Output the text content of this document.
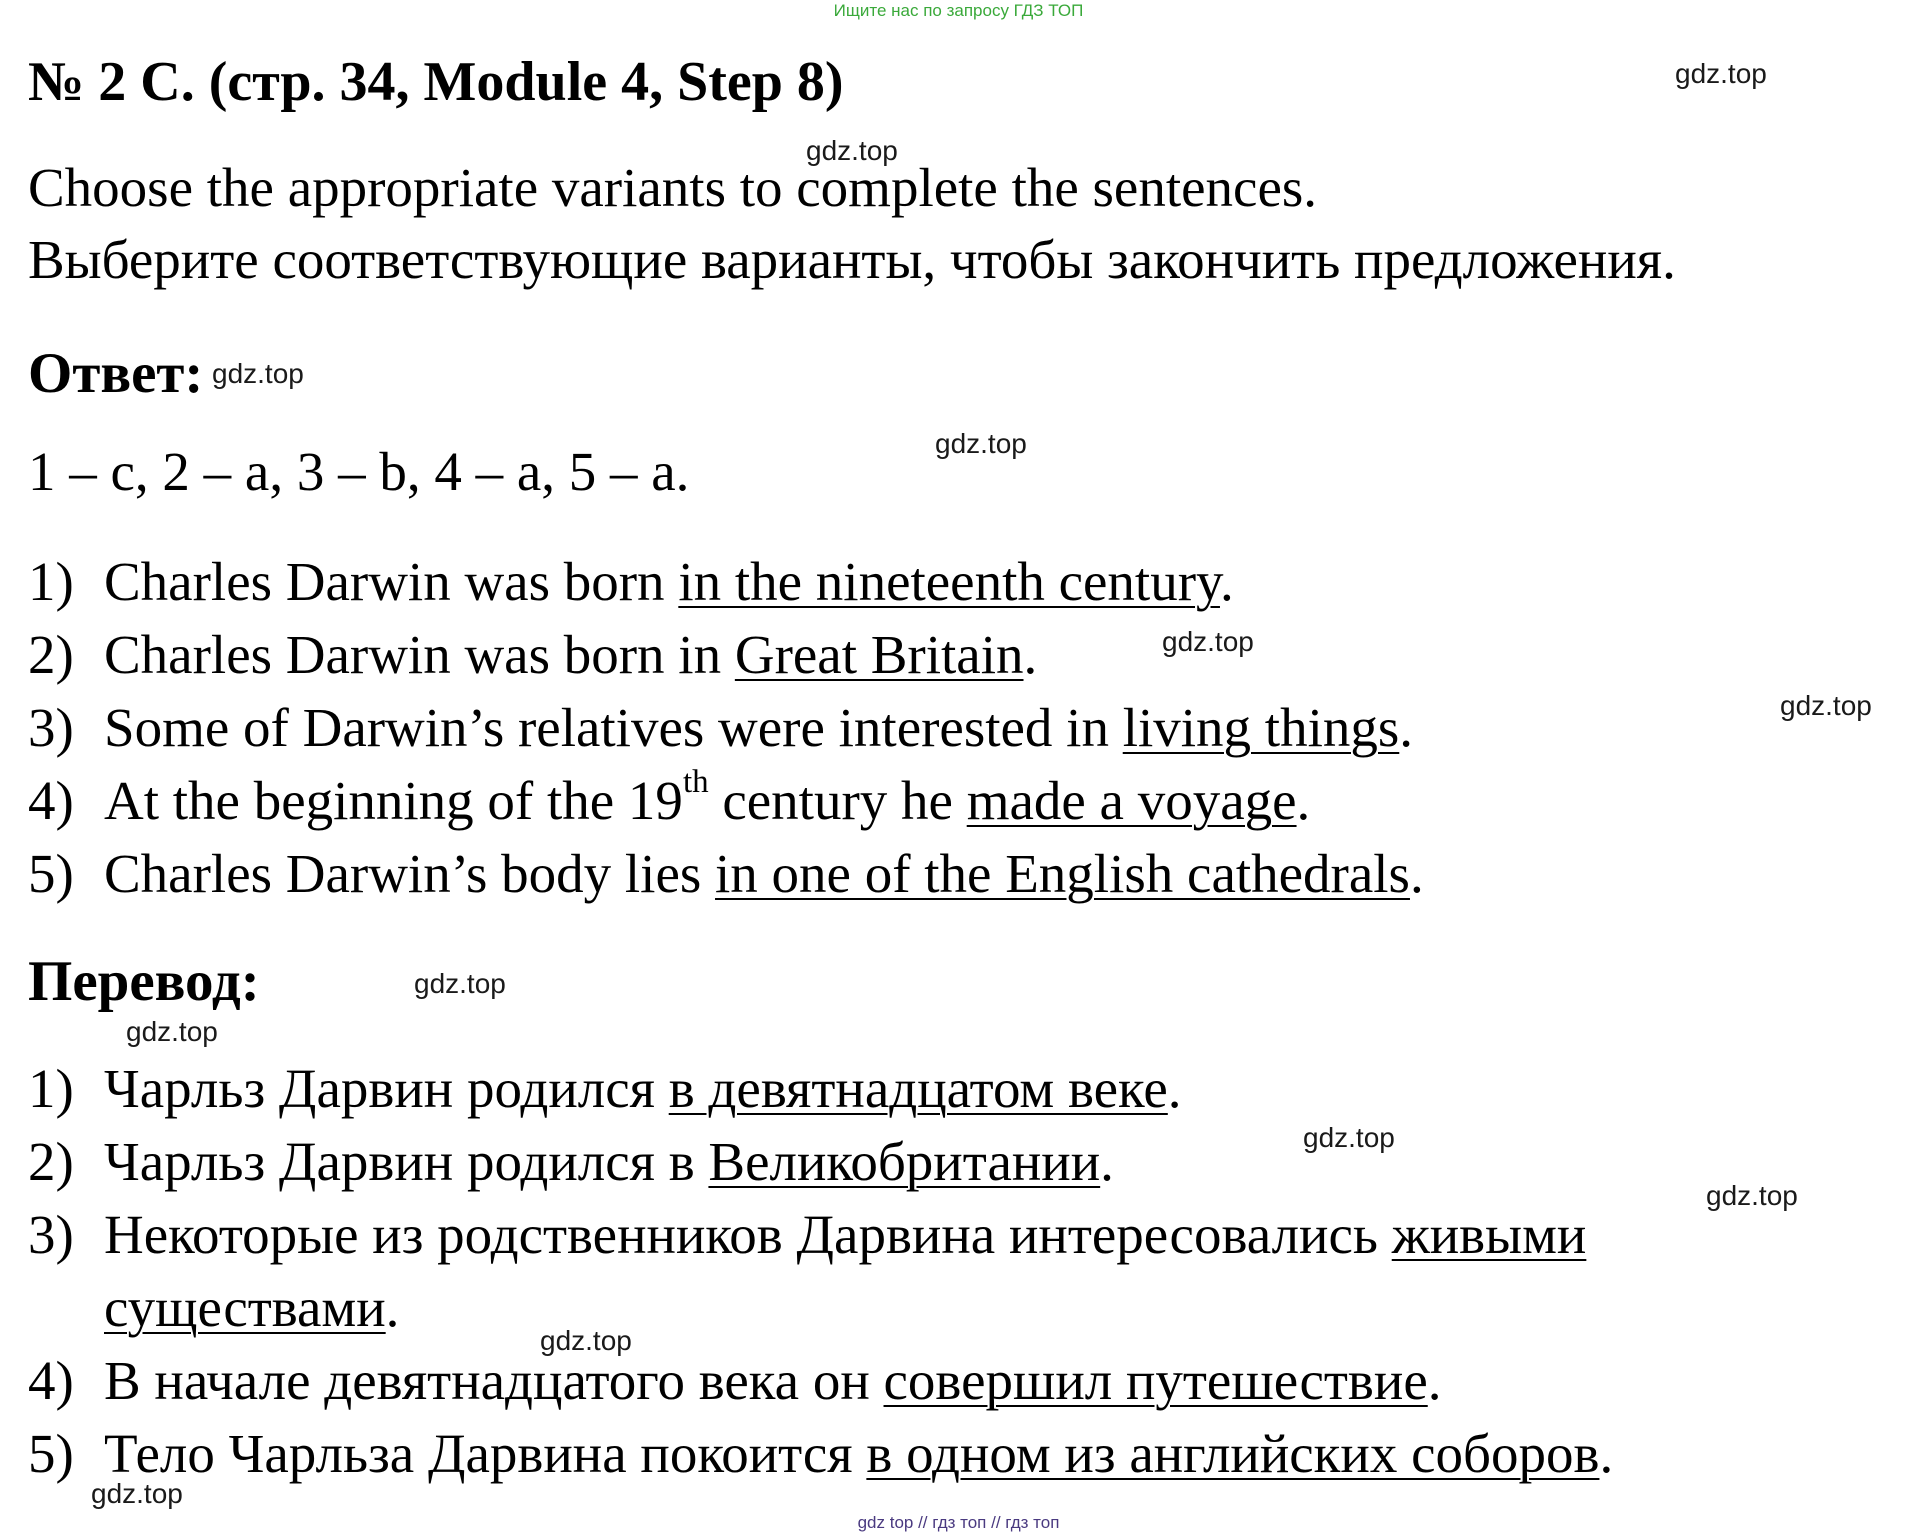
Ищите нас по запросу ГДЗ ТОП
№ 2 C. (стр. 34, Module 4, Step 8)
Choose the appropriate variants to complete the sentences.
Выберите соответствующие варианты, чтобы закончить предложения.
Ответ:
1 – c, 2 – a, 3 – b, 4 – a, 5 – a.
1) Charles Darwin was born in the nineteenth century.
2) Charles Darwin was born in Great Britain.
3) Some of Darwin’s relatives were interested in living things.
4) At the beginning of the 19th century he made a voyage.
5) Charles Darwin’s body lies in one of the English cathedrals.
Перевод:
1) Чарльз Дарвин родился в девятнадцатом веке.
2) Чарльз Дарвин родился в Великобритании.
3) Некоторые из родственников Дарвина интересовались живыми существами.
4) В начале девятнадцатого века он совершил путешествие.
5) Тело Чарльза Дарвина покоится в одном из английских соборов.
gdz.top
gdz.top
gdz.top
gdz.top
gdz.top
gdz.top
gdz.top
gdz.top
gdz.top
gdz.top
gdz.top
gdz.top
gdz top // гдз топ // гдз топ
